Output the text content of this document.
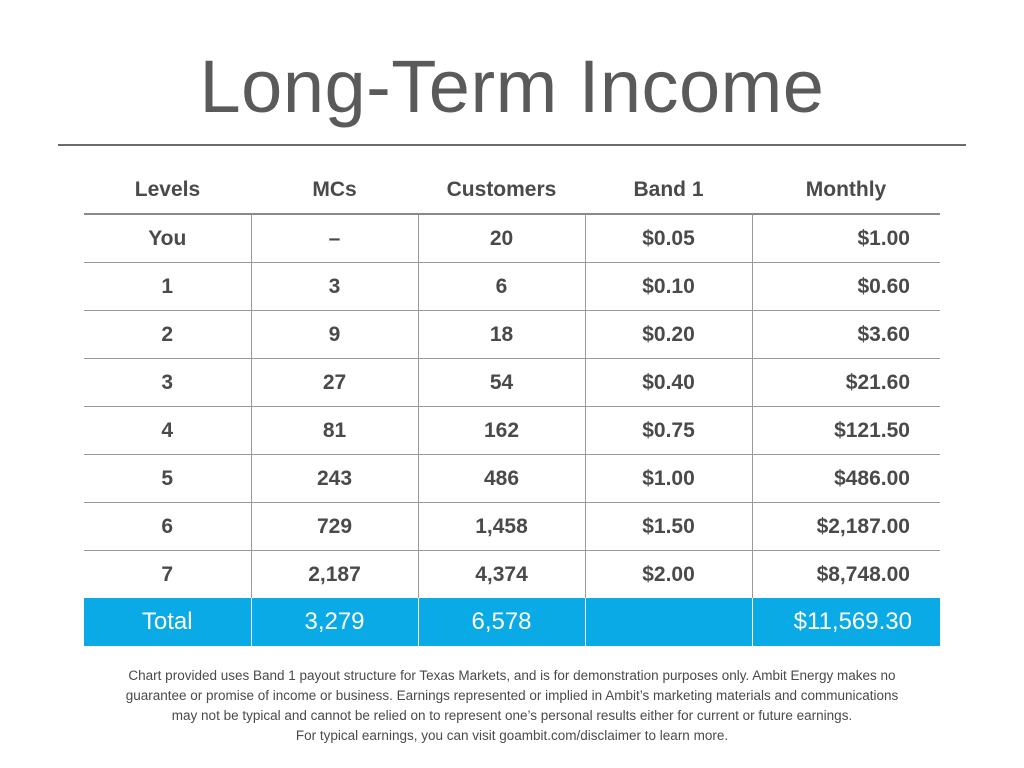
Long-Term Income
Levels	MCs	Customers	Band 1	Monthly
You	–	20	$0.05	$1.00
1	3	6	$0.10	$0.60
2	9	18	$0.20	$3.60
3	27	54	$0.40	$21.60
4	81	162	$0.75	$121.50
5	243	486	$1.00	$486.00
6	729	1,458	$1.50	$2,187.00
7	2,187	4,374	$2.00	$8,748.00
Total	3,279	6,578		$11,569.30
Chart provided uses Band 1 payout structure for Texas Markets, and is for demonstration purposes only. Ambit Energy makes no
guarantee or promise of income or business. Earnings represented or implied in Ambit’s marketing materials and communications
may not be typical and cannot be relied on to represent one’s personal results either for current or future earnings.
For typical earnings, you can visit goambit.com/disclaimer to learn more.
